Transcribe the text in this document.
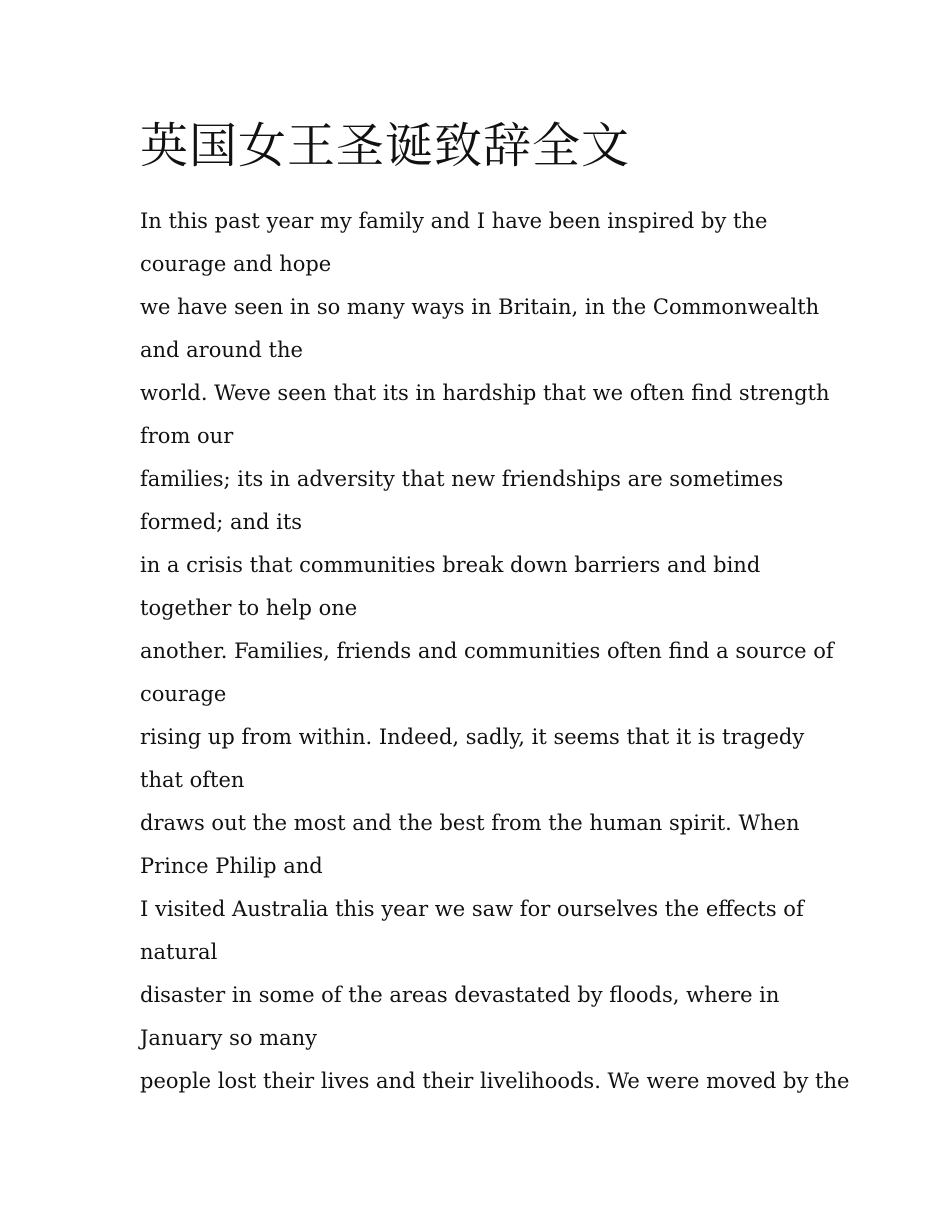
英国女王圣诞致辞全文
In this past year my family and I have been inspired by the
courage and hope
we have seen in so many ways in Britain, in the Commonwealth
and around the
world. Weve seen that its in hardship that we often find strength
from our
families; its in adversity that new friendships are sometimes
formed; and its
in a crisis that communities break down barriers and bind
together to help one
another. Families, friends and communities often find a source of
courage
rising up from within. Indeed, sadly, it seems that it is tragedy
that often
draws out the most and the best from the human spirit. When
Prince Philip and
I visited Australia this year we saw for ourselves the effects of
natural
disaster in some of the areas devastated by floods, where in
January so many
people lost their lives and their livelihoods. We were moved by the
